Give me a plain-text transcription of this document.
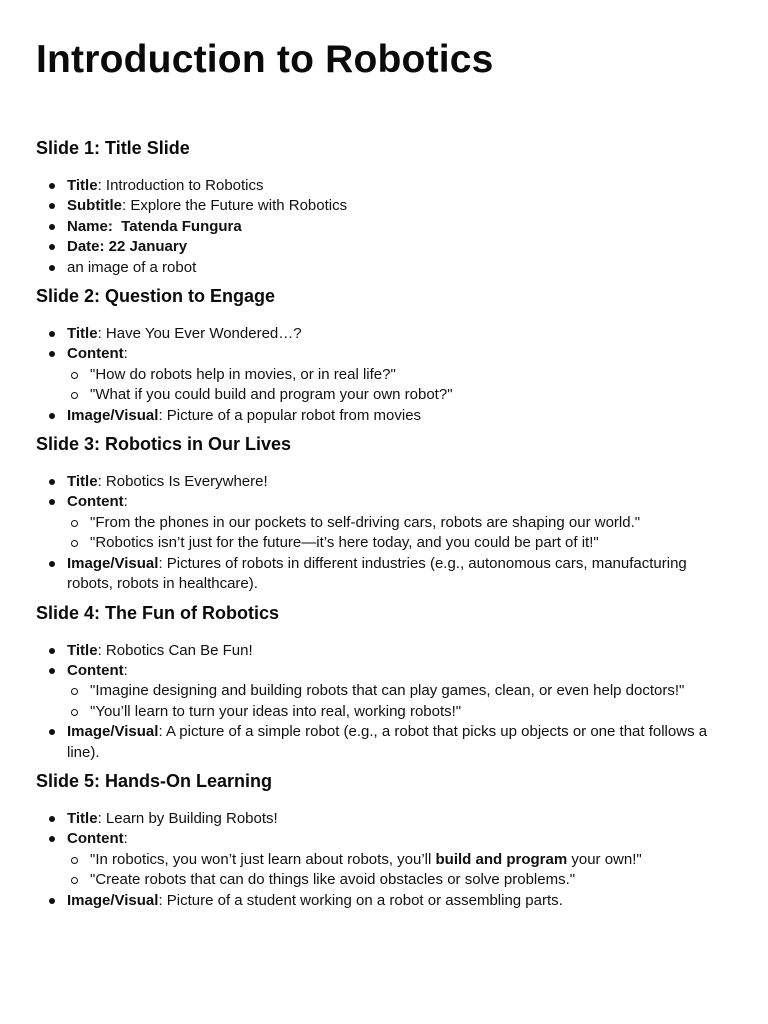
Introduction to Robotics
Slide 1: Title Slide
Title: Introduction to Robotics
Subtitle: Explore the Future with Robotics
Name:  Tatenda Fungura
Date: 22 January
an image of a robot
Slide 2: Question to Engage
Title: Have You Ever Wondered…?
Content:
"How do robots help in movies, or in real life?"
"What if you could build and program your own robot?"
Image/Visual: Picture of a popular robot from movies
Slide 3: Robotics in Our Lives
Title: Robotics Is Everywhere!
Content:
"From the phones in our pockets to self-driving cars, robots are shaping our world."
"Robotics isn’t just for the future—it’s here today, and you could be part of it!"
Image/Visual: Pictures of robots in different industries (e.g., autonomous cars, manufacturing robots, robots in healthcare).
Slide 4: The Fun of Robotics
Title: Robotics Can Be Fun!
Content:
"Imagine designing and building robots that can play games, clean, or even help doctors!"
"You’ll learn to turn your ideas into real, working robots!"
Image/Visual: A picture of a simple robot (e.g., a robot that picks up objects or one that follows a line).
Slide 5: Hands-On Learning
Title: Learn by Building Robots!
Content:
"In robotics, you won’t just learn about robots, you’ll build and program your own!"
"Create robots that can do things like avoid obstacles or solve problems."
Image/Visual: Picture of a student working on a robot or assembling parts.
